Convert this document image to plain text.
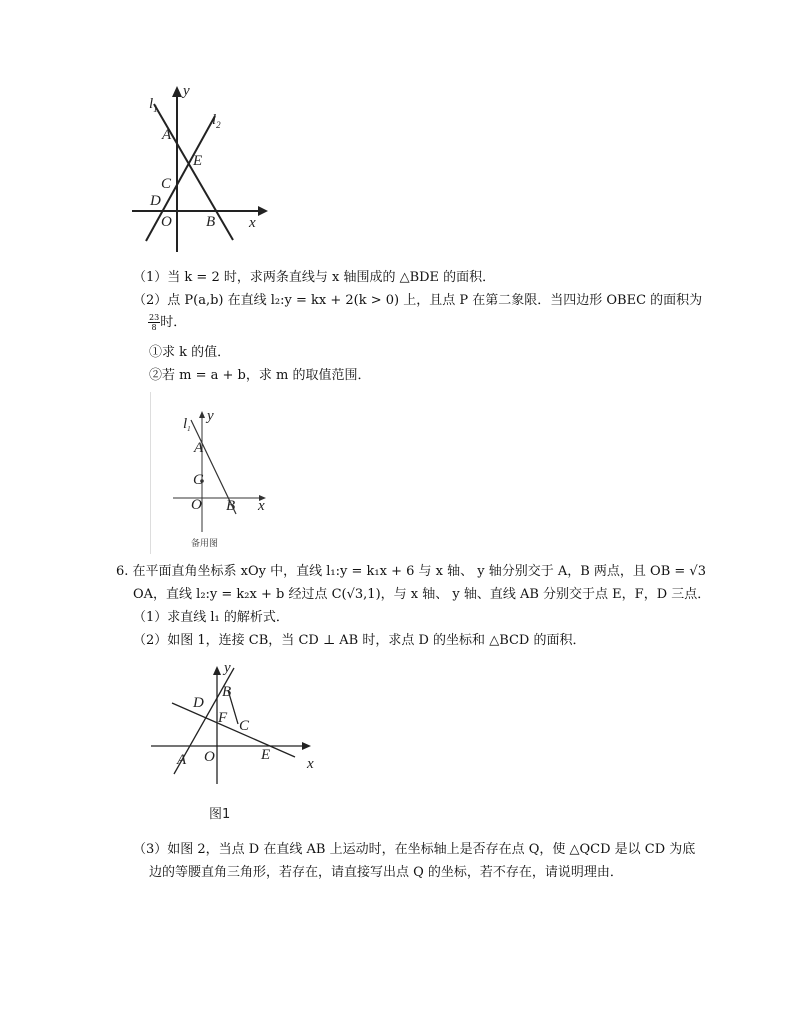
$l_1$
$l_2$
y
A
E
C
D
O B x
（1）当 k = 2 时，求两条直线与 x 轴围成的 △BDE 的面积．
（2）点 P(a,b) 在直线 l₂:y = kx + 2(k > 0) 上，且点 P 在第二象限．当四边形 OBEC 的面积为
$\frac{23}{8}$ 时．
①求 k 的值．
②若 m = a + b，求 m 的取值范围．
$l_1$
y
A
C
O B x
备用图
6. 在平面直角坐标系 xOy 中，直线 l₁:y = k₁x + 6 与 x 轴、 y 轴分别交于 A，B 两点，且 OB = √3
OA，直线 l₂:y = k₂x + b 经过点 C(√3,1)，与 x 轴、 y 轴、直线 AB 分别交于点 E，F，D 三点．
（1）求直线 l₁ 的解析式．
（2）如图 1，连接 CB，当 CD ⊥ AB 时，求点 D 的坐标和 △BCD 的面积．
y
B
D
F C
A O	E
x
图1
（3）如图 2，当点 D 在直线 AB 上运动时，在坐标轴上是否存在点 Q，使 △QCD 是以 CD 为底
边的等腰直角三角形，若存在，请直接写出点 Q 的坐标，若不存在，请说明理由．
